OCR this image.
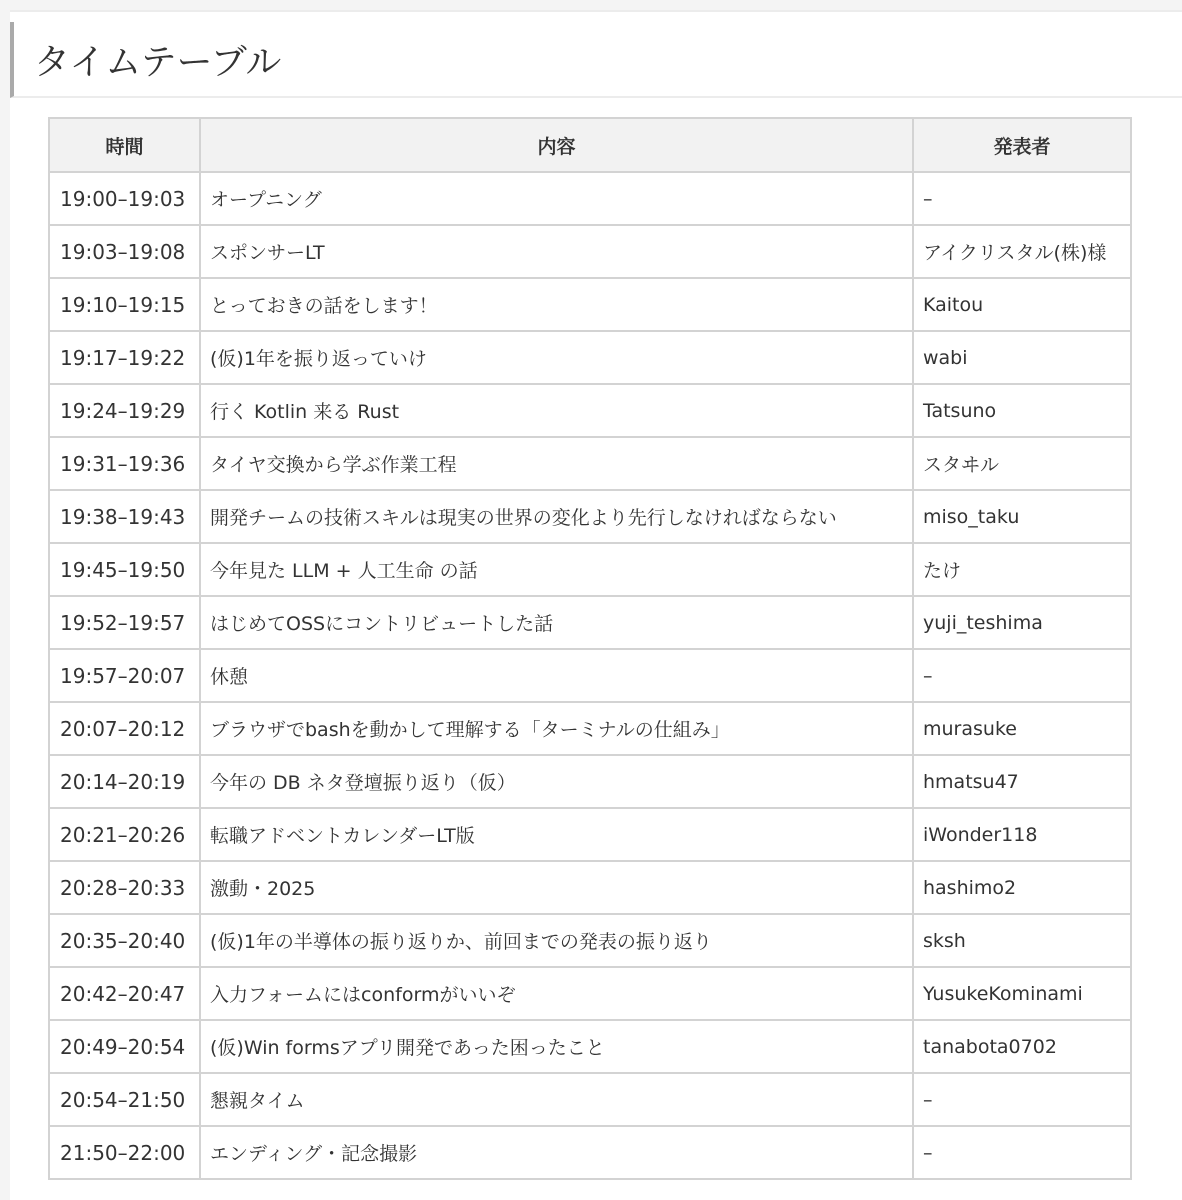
タイムテーブル
時間	内容	発表者
19:00–19:03	オープニング	–
19:03–19:08	スポンサーLT	アイクリスタル(株)様
19:10–19:15	とっておきの話をします！	Kaitou
19:17–19:22	(仮)1年を振り返っていけ	wabi
19:24–19:29	行く Kotlin 来る Rust	Tatsuno
19:31–19:36	タイヤ交換から学ぶ作業工程	スタヰル
19:38–19:43	開発チームの技術スキルは現実の世界の変化より先行しなければならない	miso_taku
19:45–19:50	今年見た LLM + 人工生命 の話	たけ
19:52–19:57	はじめてOSSにコントリビュートした話	yuji_teshima
19:57–20:07	休憩	–
20:07–20:12	ブラウザでbashを動かして理解する「ターミナルの仕組み」	murasuke
20:14–20:19	今年の DB ネタ登壇振り返り（仮）	hmatsu47
20:21–20:26	転職アドベントカレンダーLT版	iWonder118
20:28–20:33	激動・2025	hashimo2
20:35–20:40	(仮)1年の半導体の振り返りか、前回までの発表の振り返り	sksh
20:42–20:47	入力フォームにはconformがいいぞ	YusukeKominami
20:49–20:54	(仮)Win formsアプリ開発であった困ったこと	tanabota0702
20:54–21:50	懇親タイム	–
21:50–22:00	エンディング・記念撮影	–
